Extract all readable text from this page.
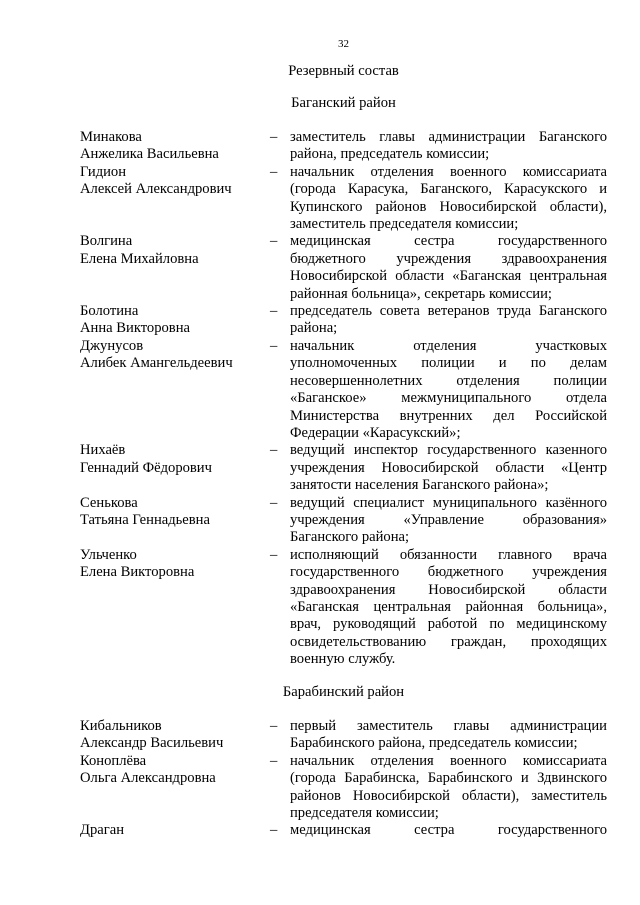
32
Резервный состав
Баганский район
Минакова
Анжелика Васильевна
– заместитель главы администрации Баганского
района, председатель комиссии;
Гидион
Алексей Александрович
– начальник отделения военного комиссариата
(города Карасука, Баганского, Карасукского и
Купинского районов Новосибирской области),
заместитель председателя комиссии;
Волгина
Елена Михайловна
– медицинская сестра государственного
бюджетного учреждения здравоохранения
Новосибирской области «Баганская центральная
районная больница», секретарь комиссии;
Болотина
Анна Викторовна
– председатель совета ветеранов труда Баганского
района;
Джунусов
Алибек Амангельдеевич
– начальник отделения участковых
уполномоченных полиции и по делам
несовершеннолетних отделения полиции
«Баганское» межмуниципального отдела
Министерства внутренних дел Российской
Федерации «Карасукский»;
Нихаёв
Геннадий Фёдорович
– ведущий инспектор государственного казенного
учреждения Новосибирской области «Центр
занятости населения Баганского района»;
Сенькова
Татьяна Геннадьевна
– ведущий специалист муниципального казённого
учреждения «Управление образования»
Баганского района;
Ульченко
Елена Викторовна
– исполняющий обязанности главного врача
государственного бюджетного учреждения
здравоохранения Новосибирской области
«Баганская центральная районная больница»,
врач, руководящий работой по медицинскому
освидетельствованию граждан, проходящих
военную службу.
Барабинский район
Кибальников
Александр Васильевич
– первый заместитель главы администрации
Барабинского района, председатель комиссии;
Коноплёва
Ольга Александровна
– начальник отделения военного комиссариата
(города Барабинска, Барабинского и Здвинского
районов Новосибирской области), заместитель
председателя комиссии;
Драган	– медицинская сестра государственного
